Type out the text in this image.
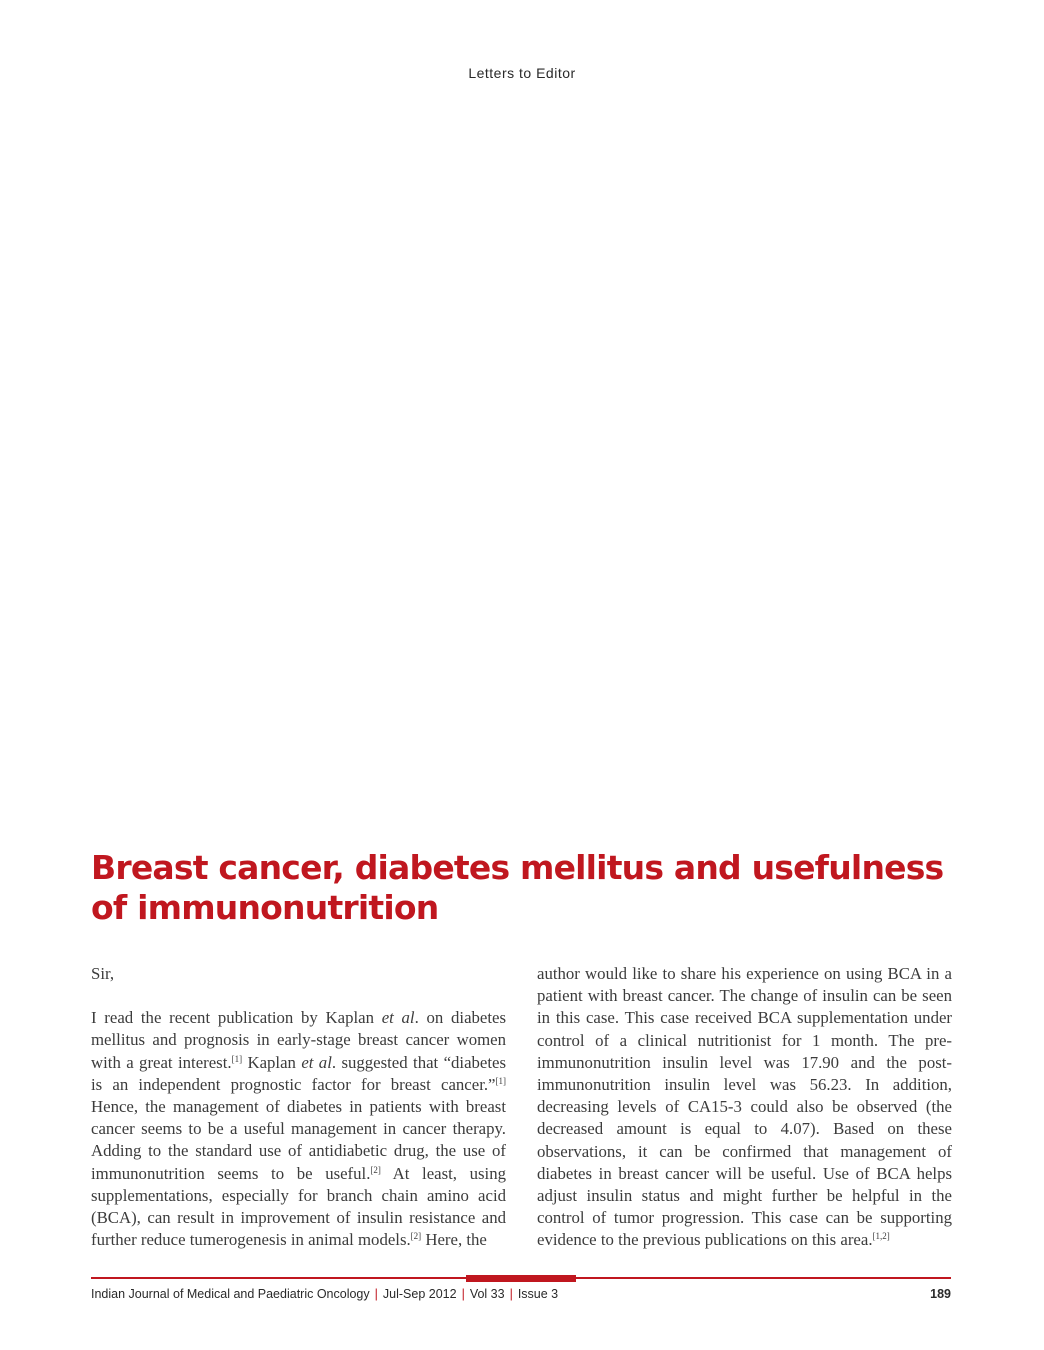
Letters to Editor
Breast cancer, diabetes mellitus and usefulness of immunonutrition

Sir,

I read the recent publication by Kaplan et al. on diabetes mellitus and prognosis in early-stage breast cancer women with a great interest.[1] Kaplan et al. suggested that “diabetes is an independent prognostic factor for breast cancer.”[1] Hence, the management of diabetes in patients with breast cancer seems to be a useful management in cancer therapy. Adding to the standard use of antidiabetic drug, the use of immunonutrition seems to be useful.[2] At least, using supplementations, especially for branch chain amino acid (BCA), can result in improvement of insulin resistance and further reduce tumerogenesis in animal models.[2] Here, the

author would like to share his experience on using BCA in a patient with breast cancer. The change of insulin can be seen in this case. This case received BCA supplementation under control of a clinical nutritionist for 1 month. The pre-immunonutrition insulin level was 17.90 and the post-immunonutrition insulin level was 56.23. In addition, decreasing levels of CA15-3 could also be observed (the decreased amount is equal to 4.07). Based on these observations, it can be confirmed that management of diabetes in breast cancer will be useful. Use of BCA helps adjust insulin status and might further be helpful in the control of tumor progression. This case can be supporting evidence to the previous publications on this area.[1,2]

Indian Journal of Medical and Paediatric Oncology | Jul-Sep 2012 | Vol 33 | Issue 3	189
